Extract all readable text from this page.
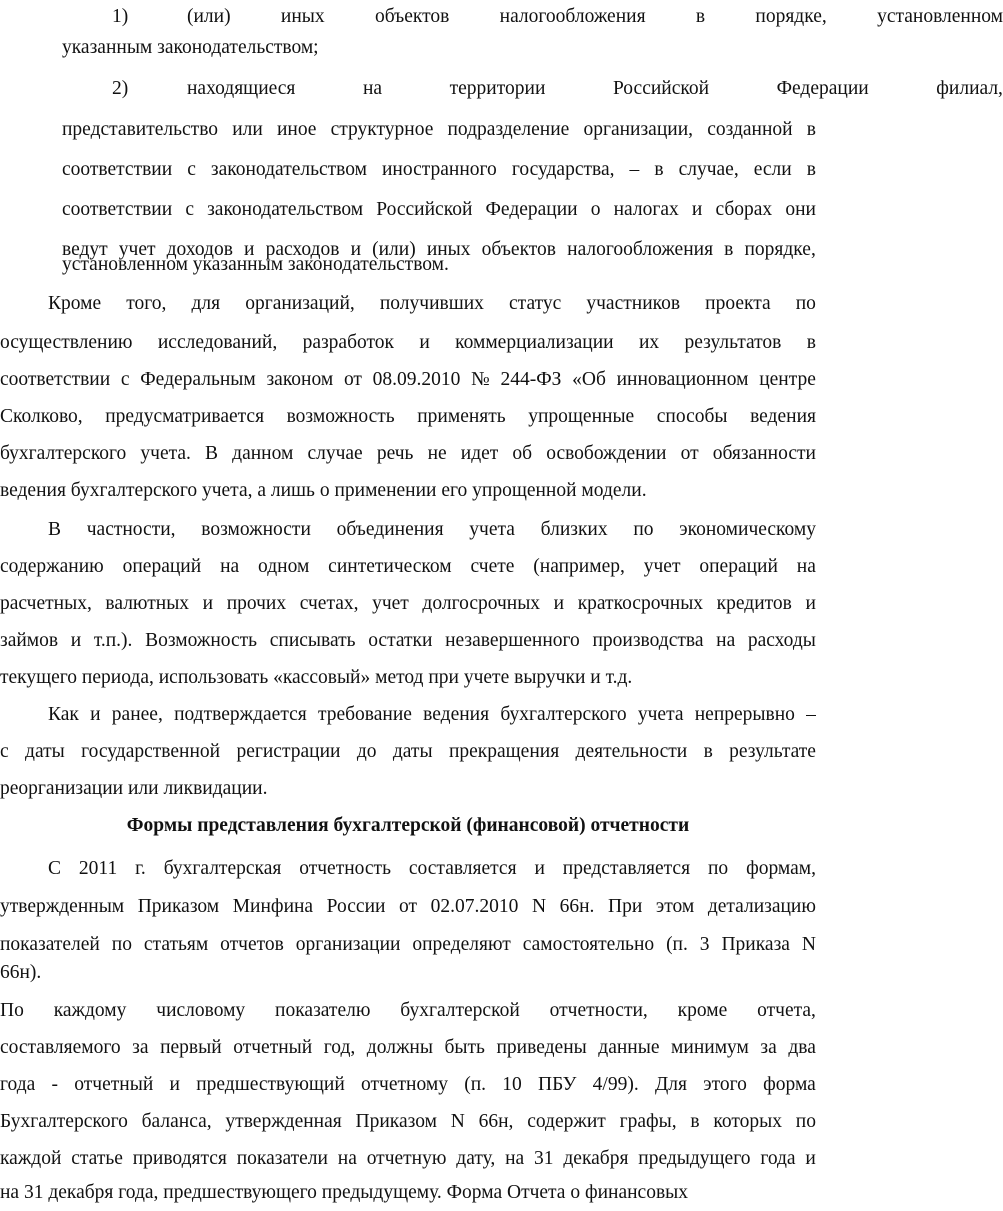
1)	(или)	иных	объектов	налогообложения	в	порядке,	установленном
указанным законодательством;
2)	находящиеся	на	территории	Российской	Федерации	филиал,
представительство или иное структурное подразделение организации, созданной в
соответствии с законодательством иностранного государства, – в случае, если в
соответствии с законодательством Российской Федерации о налогах и сборах они
ведут учет доходов и расходов и (или) иных объектов налогообложения в порядке,
установленном указанным законодательством.
Кроме того, для организаций, получивших статус участников проекта по
осуществлению исследований, разработок и коммерциализации их результатов в
соответствии с Федеральным законом от 08.09.2010 № 244-ФЗ «Об инновационном центре
Сколково, предусматривается возможность применять упрощенные способы ведения
бухгалтерского учета. В данном случае речь не идет об освобождении от обязанности
ведения бухгалтерского учета, а лишь о применении его упрощенной модели.
В частности, возможности объединения учета близких по экономическому
содержанию операций на одном синтетическом счете (например, учет операций на
расчетных, валютных и прочих счетах, учет долгосрочных и краткосрочных кредитов и
займов и т.п.). Возможность списывать остатки незавершенного производства на расходы
текущего периода, использовать «кассовый» метод при учете выручки и т.д.
Как и ранее, подтверждается требование ведения бухгалтерского учета непрерывно –
с даты государственной регистрации до даты прекращения деятельности в результате
реорганизации или ликвидации.
Формы представления бухгалтерской (финансовой) отчетности
С 2011 г. бухгалтерская отчетность составляется и представляется по формам,
утвержденным Приказом Минфина России от 02.07.2010 N 66н. При этом детализацию
показателей по статьям отчетов организации определяют самостоятельно (п. 3 Приказа N
66н).
По каждому числовому показателю бухгалтерской отчетности, кроме отчета,
составляемого за первый отчетный год, должны быть приведены данные минимум за два
года - отчетный и предшествующий отчетному (п. 10 ПБУ 4/99). Для этого форма
Бухгалтерского баланса, утвержденная Приказом N 66н, содержит графы, в которых по
каждой статье приводятся показатели на отчетную дату, на 31 декабря предыдущего года и
на 31 декабря года, предшествующего предыдущему. Форма Отчета о финансовых
